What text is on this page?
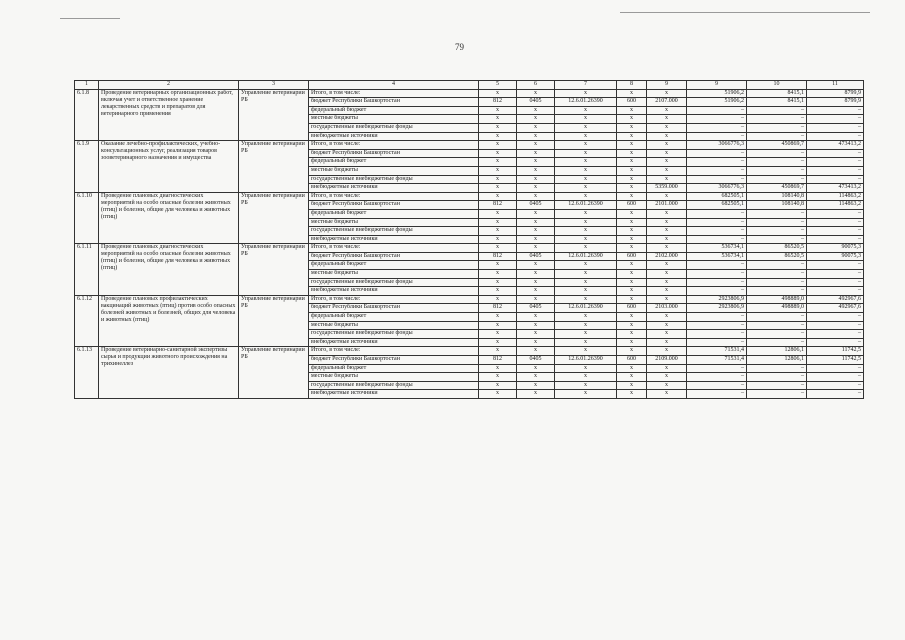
79
1	2	3	4	5	6	7	8	9	9	10	11
6.1.8	Проведение ветеринарных организационных работ, включая учет и ответственное хранение лекарственных средств и препаратов для ветеринарного применения	Управление ветеринарии РБ	Итого, в том числе:	x	x	x	x	x	51906,2	8415,1	8799,9
			бюджет Республики Башкортостан	812	0405	12.6.01.26390	600	2107.000	51906,2	8415,1	8799,9
			федеральный бюджет	x	x	x	x	x	–	–	–
			местные бюджеты	x	x	x	x	x	–	–	–
			государственные внебюджетные фонды	x	x	x	x	x	–	–	–
			внебюджетные источники	x	x	x	x	x	–	–	–
6.1.9	Оказание лечебно-профилактических, учебно-консультационных услуг, реализация товаров зоoветеринарного назначения и имущества	Управление ветеринарии РБ	Итого, в том числе:	x	x	x	x	x	3066776,3	450869,7	473413,2
			бюджет Республики Башкортостан	x	x	x	x	x	–	–	–
			федеральный бюджет	x	x	x	x	x	–	–	–
			местные бюджеты	x	x	x	x	x	–	–	–
			государственные внебюджетные фонды	x	x	x	x	x	–	–	–
			внебюджетные источники	x	x	x	x	5359.000	3066776,3	450869,7	473413,2
6.1.10	Проведение плановых диагностических мероприятий на особо опасные болезни животных (птиц) и болезни, общие для человека и животных (птиц)	Управление ветеринарии РБ	Итого, в том числе:	x	x	x	x	x	682505,1	108140,8	114863,2
			бюджет Республики Башкортостан	812	0405	12.6.01.26390	600	2101.000	682505,1	108140,8	114863,2
			федеральный бюджет	x	x	x	x	x	–	–	–
			местные бюджеты	x	x	x	x	x	–	–	–
			государственные внебюджетные фонды	x	x	x	x	x	–	–	–
			внебюджетные источники	x	x	x	x	x	–	–	–
6.1.11	Проведение плановых диагностических мероприятий на особо опасные болезни животных (птиц) и болезни, общие для человека и животных (птиц)	Управление ветеринарии РБ	Итого, в том числе:	x	x	x	x	x	536734,1	86520,5	90075,3
			бюджет Республики Башкортостан	812	0405	12.6.01.26390	600	2102.000	536734,1	86520,5	90075,3
			федеральный бюджет	x	x	x	x	x	–	–	–
			местные бюджеты	x	x	x	x	x	–	–	–
			государственные внебюджетные фонды	x	x	x	x	x	–	–	–
			внебюджетные источники	x	x	x	x	x	–	–	–
6.1.12	Проведение плановых профилактических вакцинаций животных (птиц) против особо опасных болезней животных и болезней, общих для человека и животных (птиц)	Управление ветеринарии РБ	Итого, в том числе:	x	x	x	x	x	2923806,9	498889,0	492967,6
			бюджет Республики Башкортостан	812	0405	12.6.01.26390	600	2103.000	2923806,9	498889,0	492967,6
			федеральный бюджет	x	x	x	x	x	–	–	–
			местные бюджеты	x	x	x	x	x	–	–	–
			государственные внебюджетные фонды	x	x	x	x	x	–	–	–
			внебюджетные источники	x	x	x	x	x	–	–	–
6.1.13	Проведение ветеринарно-санитарной экспертизы сырья и продукции животного происхождения на трихинеллез	Управление ветеринарии РБ	Итого, в том числе:	x	x	x	x	x	71531,4	12806,1	11742,5
			бюджет Республики Башкортостан	812	0405	12.6.01.26390	600	2109.000	71531,4	12806,1	11742,5
			федеральный бюджет	x	x	x	x	x	–	–	–
			местные бюджеты	x	x	x	x	x	–	–	–
			государственные внебюджетные фонды	x	x	x	x	x	–	–	–
			внебюджетные источники	x	x	x	x	x	–	–	–
